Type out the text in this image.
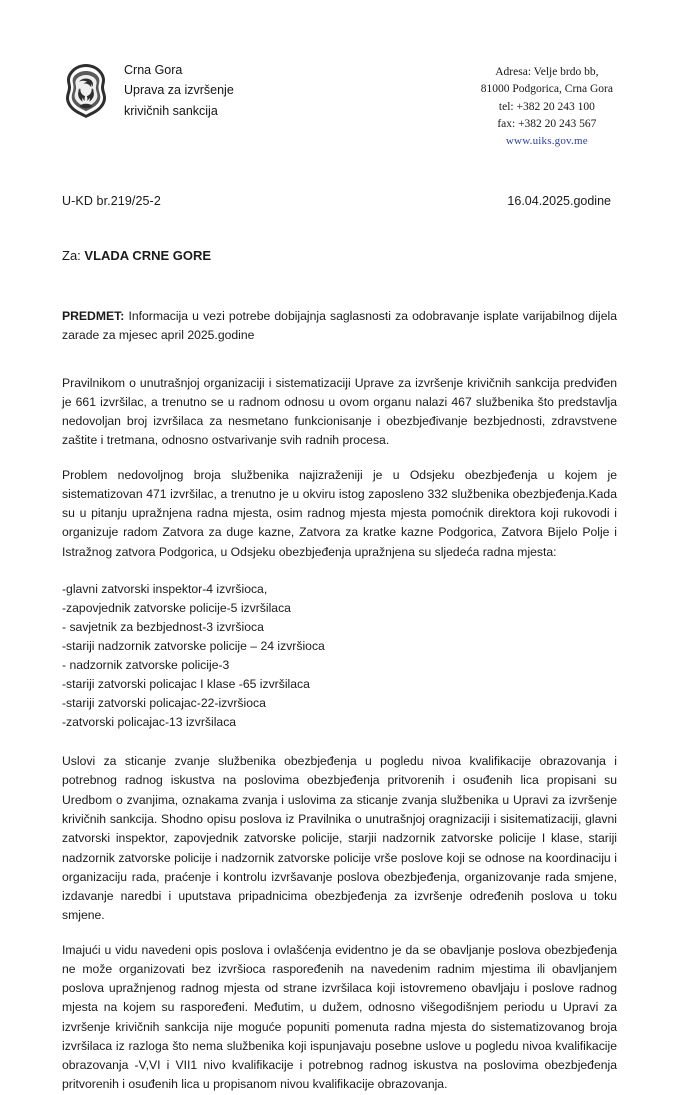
Crna Gora
Uprava za izvršenje
krivičnih sankcija
Adresa: Velje brdo bb,
81000 Podgorica, Crna Gora
tel: +382 20 243 100
fax: +382 20 243 567
www.uiks.gov.me
U-KD br.219/25-2	16.04.2025.godine
Za: VLADA CRNE GORE
PREDMET: Informacija u vezi potrebe dobijajnja saglasnosti za odobravanje isplate varijabilnog dijela zarade za mjesec april 2025.godine

Pravilnikom o unutrašnjoj organizaciji i sistematizaciji Uprave za izvršenje krivičnih sankcija predviđen je 661 izvršilac, a trenutno se u radnom odnosu u ovom organu nalazi 467 službenika što predstavlja nedovoljan broj izvršilaca za nesmetano funkcionisanje i obezbjeđivanje bezbjednosti, zdravstvene zaštite i tretmana, odnosno ostvarivanje svih radnih procesa.

Problem nedovoljnog broja službenika najizraženiji je u Odsjeku obezbjeđenja u kojem je sistematizovan 471 izvršilac, a trenutno je u okviru istog zaposleno 332 službenika obezbjeđenja.Kada su u pitanju upražnjena radna mjesta, osim radnog mjesta mjesta pomoćnik direktora koji rukovodi i organizuje radom Zatvora za duge kazne, Zatvora za kratke kazne Podgorica, Zatvora Bijelo Polje i Istražnog zatvora Podgorica, u Odsjeku obezbjeđenja upražnjena su sljedeća radna mjesta:

-glavni zatvorski inspektor-4 izvršioca,
-zapovjednik zatvorske policije-5 izvršilaca
- savjetnik za bezbjednost-3 izvršioca
-stariji nadzornik zatvorske policije – 24 izvršioca
- nadzornik zatvorske policije-3
-stariji zatvorski policajac I klase -65 izvršilaca
-stariji zatvorski policajac-22-izvršioca
-zatvorski policajac-13 izvršilaca

Uslovi za sticanje zvanje službenika obezbjeđenja u pogledu nivoa kvalifikacije obrazovanja i potrebnog radnog iskustva na poslovima obezbjeđenja pritvorenih i osuđenih lica propisani su Uredbom o zvanjima, oznakama zvanja i uslovima za sticanje zvanja službenika u Upravi za izvršenje krivičnih sankcija. Shodno opisu poslova iz Pravilnika o unutrašnjoj oragnizaciji i sisitematizaciji, glavni zatvorski inspektor, zapovjednik zatvorske policije, starjii nadzornik zatvorske policije I klase, stariji nadzornik zatvorske policije i nadzornik zatvorske policije vrše poslove koji se odnose na koordinaciju i organizaciju rada, praćenje i kontrolu izvršavanje poslova obezbjeđenja, organizovanje rada smjene, izdavanje naredbi i uputstava pripadnicima obezbjeđenja za izvršenje određenih poslova u toku smjene.

Imajući u vidu navedeni opis poslova i ovlašćenja evidentno je da se obavljanje poslova obezbjeđenja ne može organizovati bez izvršioca raspoređenih na navedenim radnim mjestima ili obavljanjem poslova upražnjenog radnog mjesta od strane izvršilaca koji istovremeno obavljaju i poslove radnog mjesta na kojem su raspoređeni. Međutim, u dužem, odnosno višegodišnjem periodu u Upravi za izvršenje krivičnih sankcija nije moguće popuniti pomenuta radna mjesta do sistematizovanog broja izvršilaca iz razloga što nema službenika koji ispunjavaju posebne uslove u pogledu nivoa kvalifikacije obrazovanja -V,VI i VII1 nivo kvalifikacije i potrebnog radnog iskustva na poslovima obezbjeđenja pritvorenih i osuđenih lica u propisanom nivou kvalifikacije obrazovanja.
